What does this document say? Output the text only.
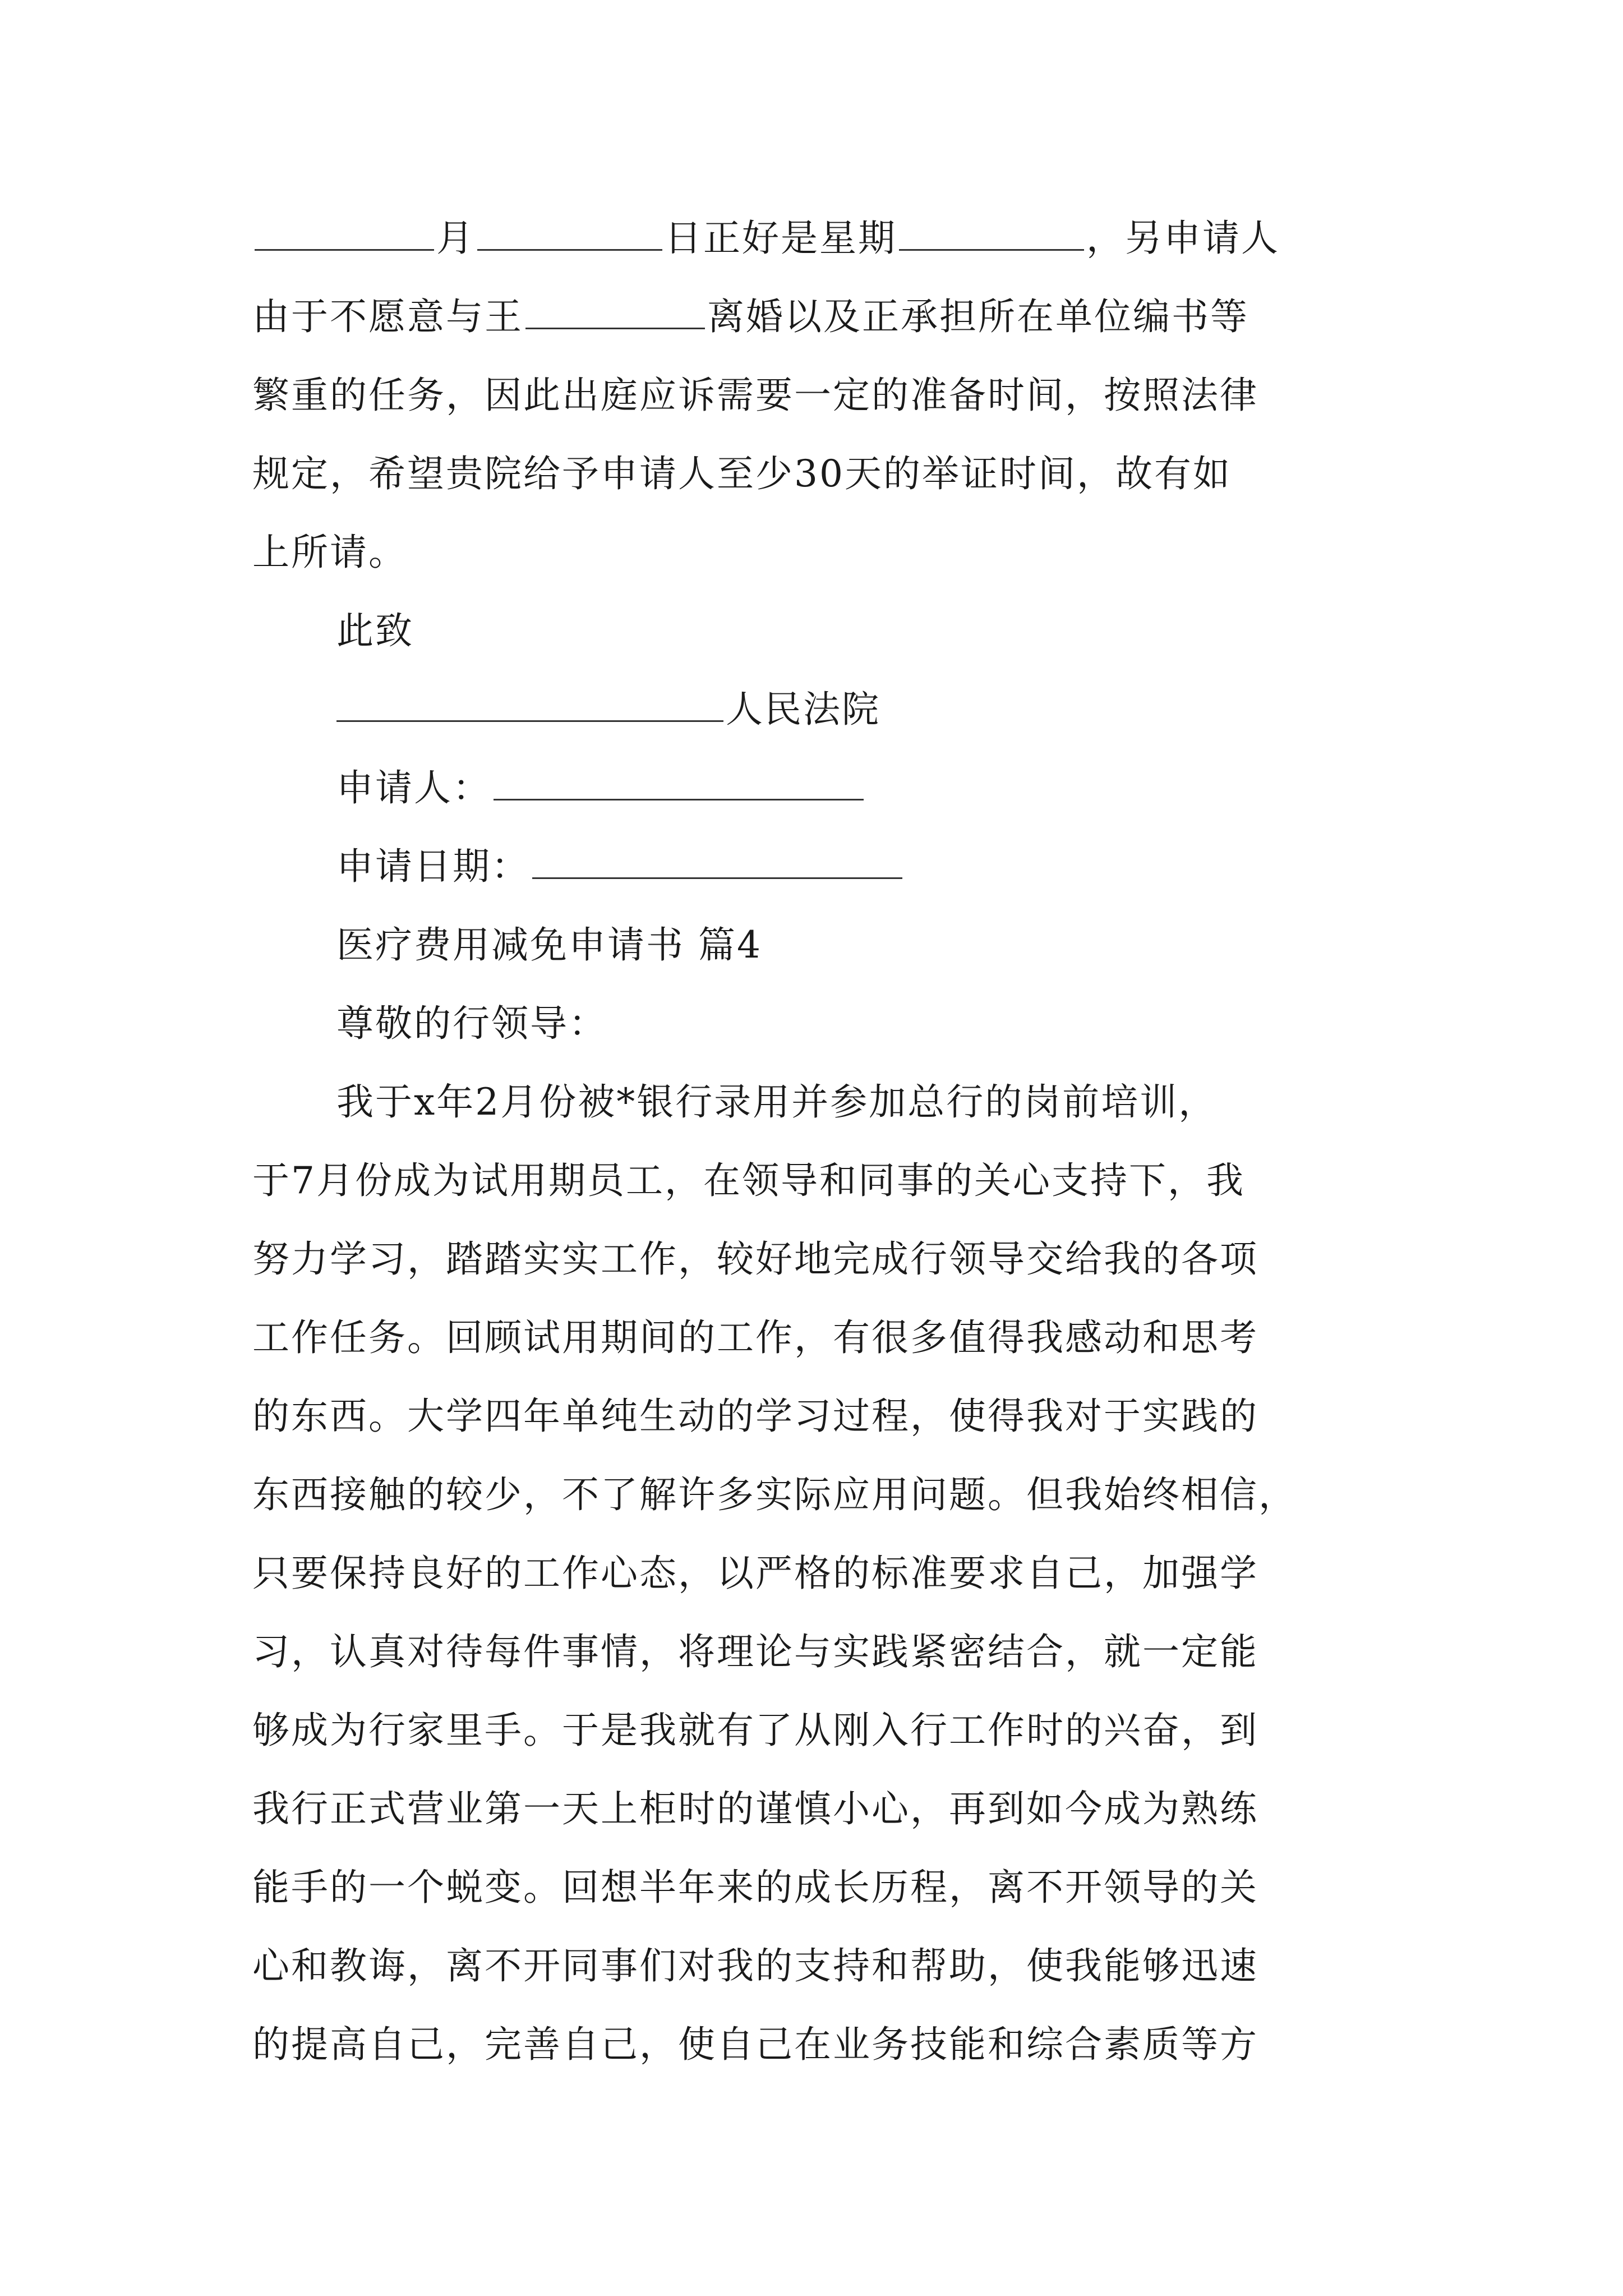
月	日正好是星期	，另申请人
由于不愿意与王	离婚以及正承担所在单位编书等
繁重的任务，因此出庭应诉需要一定的准备时间，按照法律
规定，希望贵院给予申请人至少30天的举证时间，故有如
上所请。
此致
人民法院
申请人：
申请日期：
医疗费用减免申请书 篇4
尊敬的行领导：
我于x年2月份被*银行录用并参加总行的岗前培训，
于7月份成为试用期员工，在领导和同事的关心支持下，我
努力学习，踏踏实实工作，较好地完成行领导交给我的各项
工作任务。回顾试用期间的工作，有很多值得我感动和思考
的东西。大学四年单纯生动的学习过程，使得我对于实践的
东西接触的较少，不了解许多实际应用问题。但我始终相信，
只要保持良好的工作心态，以严格的标准要求自己，加强学
习，认真对待每件事情，将理论与实践紧密结合，就一定能
够成为行家里手。于是我就有了从刚入行工作时的兴奋，到
我行正式营业第一天上柜时的谨慎小心，再到如今成为熟练
能手的一个蜕变。回想半年来的成长历程，离不开领导的关
心和教诲，离不开同事们对我的支持和帮助，使我能够迅速
的提高自己，完善自己，使自己在业务技能和综合素质等方
